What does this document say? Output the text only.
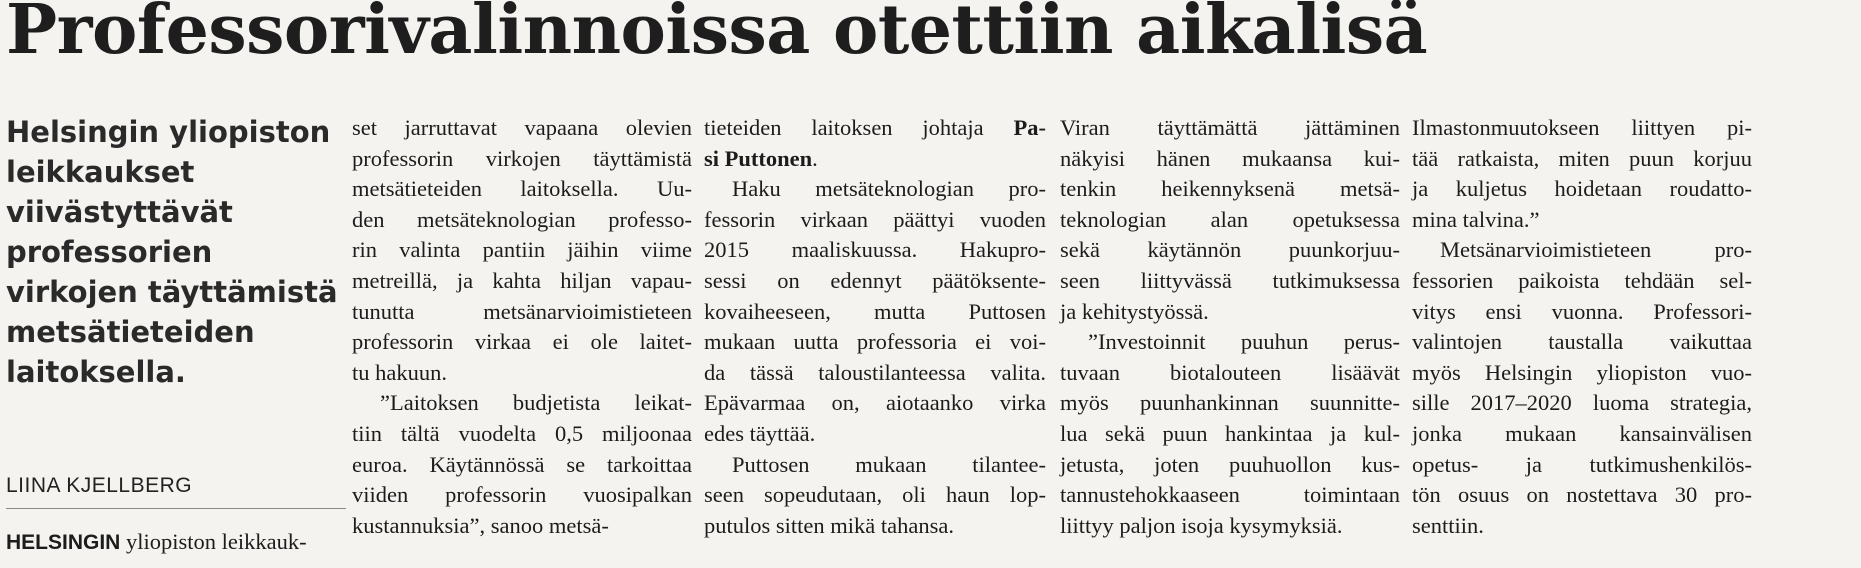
Professorivalinnoissa otettiin aikalisä

Helsingin yliopiston leikkaukset viivästyttävät professorien virkojen täyttämistä metsätieteiden laitoksella.

LIINA KJELLBERG
HELSINGIN yliopiston leikkauk-
set jarruttavat vapaana olevien
professorin virkojen täyttämistä
metsätieteiden laitoksella. Uu-
den metsäteknologian professo-
rin valinta pantiin jäihin viime
metreillä, ja kahta hiljan vapau-
tunutta metsänarvioimistieteen
professorin virkaa ei ole laitet-
tu hakuun.
”Laitoksen budjetista leikat-
tiin tältä vuodelta 0,5 miljoonaa
euroa. Käytännössä se tarkoittaa
viiden professorin vuosipalkan
kustannuksia”, sanoo metsä-
tieteiden laitoksen johtaja Pa-
si Puttonen.
Haku metsäteknologian pro-
fessorin virkaan päättyi vuoden
2015 maaliskuussa. Hakupro-
sessi on edennyt päätöksente-
kovaiheeseen, mutta Puttosen
mukaan uutta professoria ei voi-
da tässä taloustilanteessa valita.
Epävarmaa on, aiotaanko virka
edes täyttää.
Puttosen mukaan tilantee-
seen sopeudutaan, oli haun lop-
putulos sitten mikä tahansa.
Viran täyttämättä jättäminen
näkyisi hänen mukaansa kui-
tenkin heikennyksenä metsä-
teknologian alan opetuksessa
sekä käytännön puunkorjuu-
seen liittyvässä tutkimuksessa
ja kehitystyössä.
”Investoinnit puuhun perus-
tuvaan biotalouteen lisäävät
myös puunhankinnan suunnitte-
lua sekä puun hankintaa ja kul-
jetusta, joten puuhuollon kus-
tannustehokkaaseen toimintaan
liittyy paljon isoja kysymyksiä.
Ilmastonmuutokseen liittyen pi-
tää ratkaista, miten puun korjuu
ja kuljetus hoidetaan roudatto-
mina talvina.”
Metsänarvioimistieteen pro-
fessorien paikoista tehdään sel-
vitys ensi vuonna. Professori-
valintojen taustalla vaikuttaa
myös Helsingin yliopiston vuo-
sille 2017–2020 luoma strategia,
jonka mukaan kansainvälisen
opetus- ja tutkimushenkilös-
tön osuus on nostettava 30 pro-
senttiin.
